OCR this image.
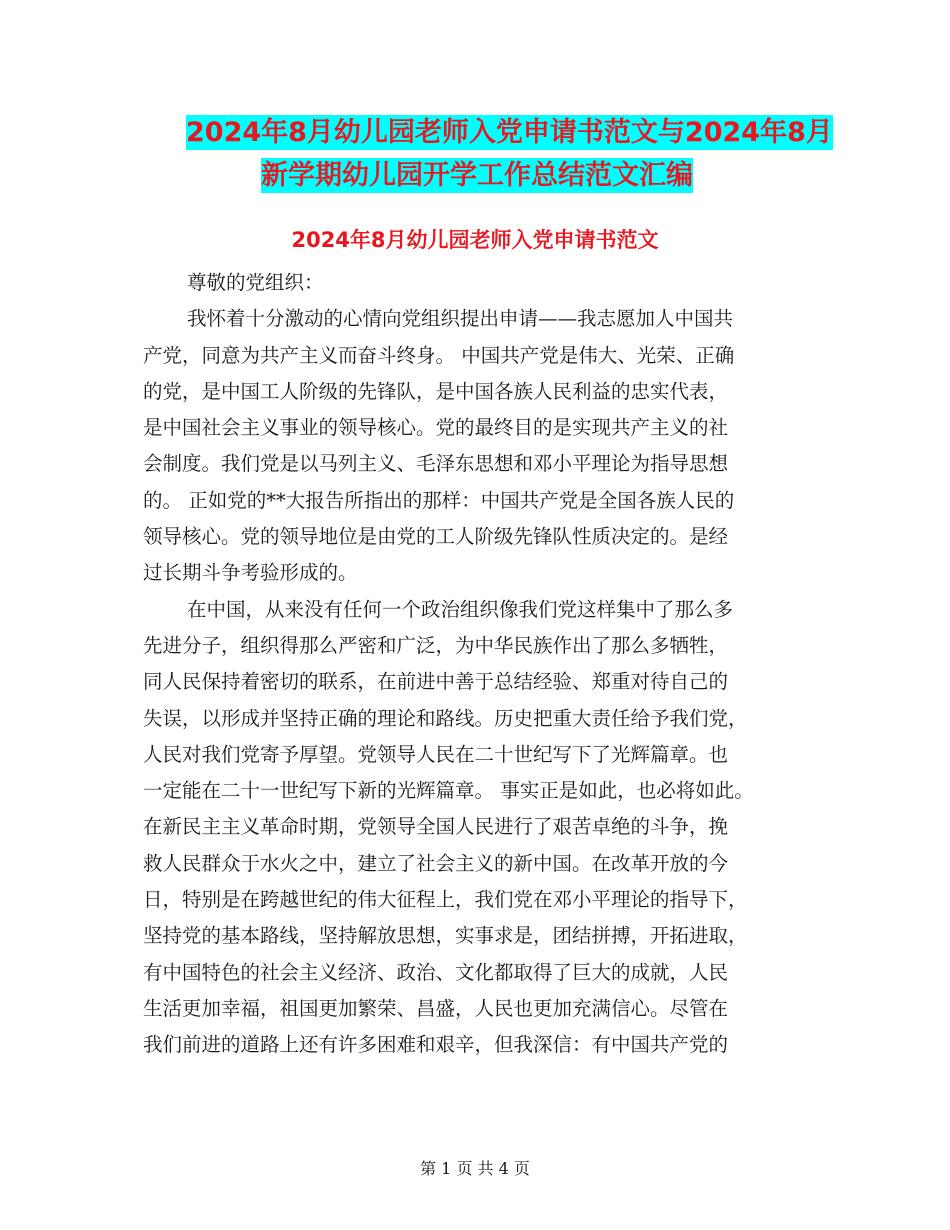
2024年8月幼儿园老师入党申请书范文与2024年8月
新学期幼儿园开学工作总结范文汇编
2024年8月幼儿园老师入党申请书范文
尊敬的党组织：
我怀着十分激动的心情向党组织提出申请——我志愿加人中国共
产党，同意为共产主义而奋斗终身。 中国共产党是伟大、光荣、正确
的党，是中国工人阶级的先锋队，是中国各族人民利益的忠实代表，
是中国社会主义事业的领导核心。党的最终目的是实现共产主义的社
会制度。我们党是以马列主义、毛泽东思想和邓小平理论为指导思想
的。 正如党的**大报告所指出的那样：中国共产党是全国各族人民的
领导核心。党的领导地位是由党的工人阶级先锋队性质决定的。是经
过长期斗争考验形成的。
在中国，从来没有任何一个政治组织像我们党这样集中了那么多
先进分子，组织得那么严密和广泛，为中华民族作出了那么多牺牲，
同人民保持着密切的联系，在前进中善于总结经验、郑重对待自己的
失误，以形成并坚持正确的理论和路线。历史把重大责任给予我们党，
人民对我们党寄予厚望。党领导人民在二十世纪写下了光辉篇章。也
一定能在二十一世纪写下新的光辉篇章。 事实正是如此，也必将如此。
在新民主主义革命时期，党领导全国人民进行了艰苦卓绝的斗争，挽
救人民群众于水火之中，建立了社会主义的新中国。在改革开放的今
日，特别是在跨越世纪的伟大征程上，我们党在邓小平理论的指导下，
坚持党的基本路线，坚持解放思想，实事求是，团结拼搏，开拓进取，
有中国特色的社会主义经济、政治、文化都取得了巨大的成就，人民
生活更加幸福，祖国更加繁荣、昌盛，人民也更加充满信心。尽管在
我们前进的道路上还有许多困难和艰辛，但我深信：有中国共产党的
第 1 页 共 4 页
